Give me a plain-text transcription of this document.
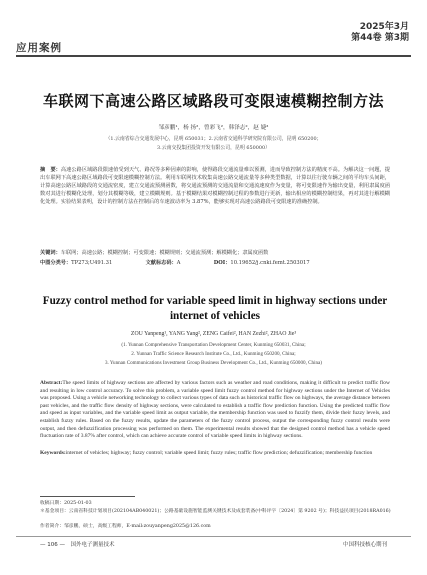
应用案例
2025年3月
第44卷 第3期
车联网下高速公路区域路段可变限速模糊控制方法
邹彦鹏¹，杨 扬²，曾彩飞²，韩泽志²，赵 婕³
（1.云南省综合交通发展中心，昆明 650031；2.云南省交通科学研究院有限公司，昆明 650200；
3.云南交投集团投资开发有限公司，昆明 650000）
摘　要：高速公路区域路段限速值受到天气、路况等多种因素的影响，使得路段交通流量难以预测，进而导致控制方法的精度不高。为解决这一问题，提出车联网下高速公路区域路段可变限速模糊控制方法。利用车联网技术收集高速公路交通流量等多种类型数据，计算以往行驶车辆之间的平均车头间距，计算高速公路区域路段的交通流密度，建立交通流预测函数，将交通流预测的交通流量和交通流速度作为变量，将可变限速作为输出变量，利用隶属度函数对其进行模糊化处理，划分其模糊等级，建立模糊规则。基于模糊结果对模糊控制过程的参数进行更新，输出相应的模糊控制结果，再对其进行解模糊化处理。实验结果表明，设计的控制方法在控制后的车速波动率为 3.87%，能够实现对高速公路路段可变限速的准确控制。
关键词：车联网；高速公路；模糊控制；可变限速；模糊规则；交通流预测；解模糊化；隶属度函数
中图分类号：TP273;U491.31	文献标志码：A	DOI：10.19652/j.cnki.femt.2503017
Fuzzy control method for variable speed limit in highway sections under internet of vehicles
ZOU Yanpeng¹, YANG Yang², ZENG Caifei², HAN Zezhi², ZHAO Jie³
(1. Yunnan Comprehensive Transportation Development Center, Kunming 650031, China;
2. Yunnan Traffic Science Research Institute Co., Ltd., Kunming 650200, China;
3. Yunnan Communications Investment Group Business Development Co., Ltd., Kunming 650000, China)
Abstract:The speed limits of highway sections are affected by various factors such as weather and road conditions, making it difficult to predict traffic flow and resulting in low control accuracy. To solve this problem, a variable speed limit fuzzy control method for highway sections under the Internet of Vehicles was proposed. Using a vehicle networking technology to collect various types of data such as historical traffic flow on highways, the average distance between past vehicles, and the traffic flow density of highway sections, were calculated to establish a traffic flow prediction function. Using the predicted traffic flow and speed as input variables, and the variable speed limit as output variable, the membership function was used to fuzzify them, divide their fuzzy levels, and establish fuzzy rules. Based on the fuzzy results, update the parameters of the fuzzy control process, output the corresponding fuzzy control results were output, and then defuzzification processing was performed on them. The experimental results showed that the designed control method has a vehicle speed fluctuation rate of 3.87% after control, which can achieve accurate control of variable speed limits in highway sections.
Keywords:internet of vehicles; highway; fuzzy control; variable speed limit; fuzzy rules; traffic flow prediction; defuzzification; membership function
收稿日期：2025-01-03
＊基金项目：云南省科技计划项目(202104AB040021)；公路基础设施智能监测关键技术及成套装备(中科评字〔2024〕第 9202 号)；科技益民项目(2018RA016)
作者简介：邹彦鹏，硕士，高级工程师，E-mail:zouyanpeng2025@126.com
— 106 —　国外电子测量技术	中国科技核心期刊
